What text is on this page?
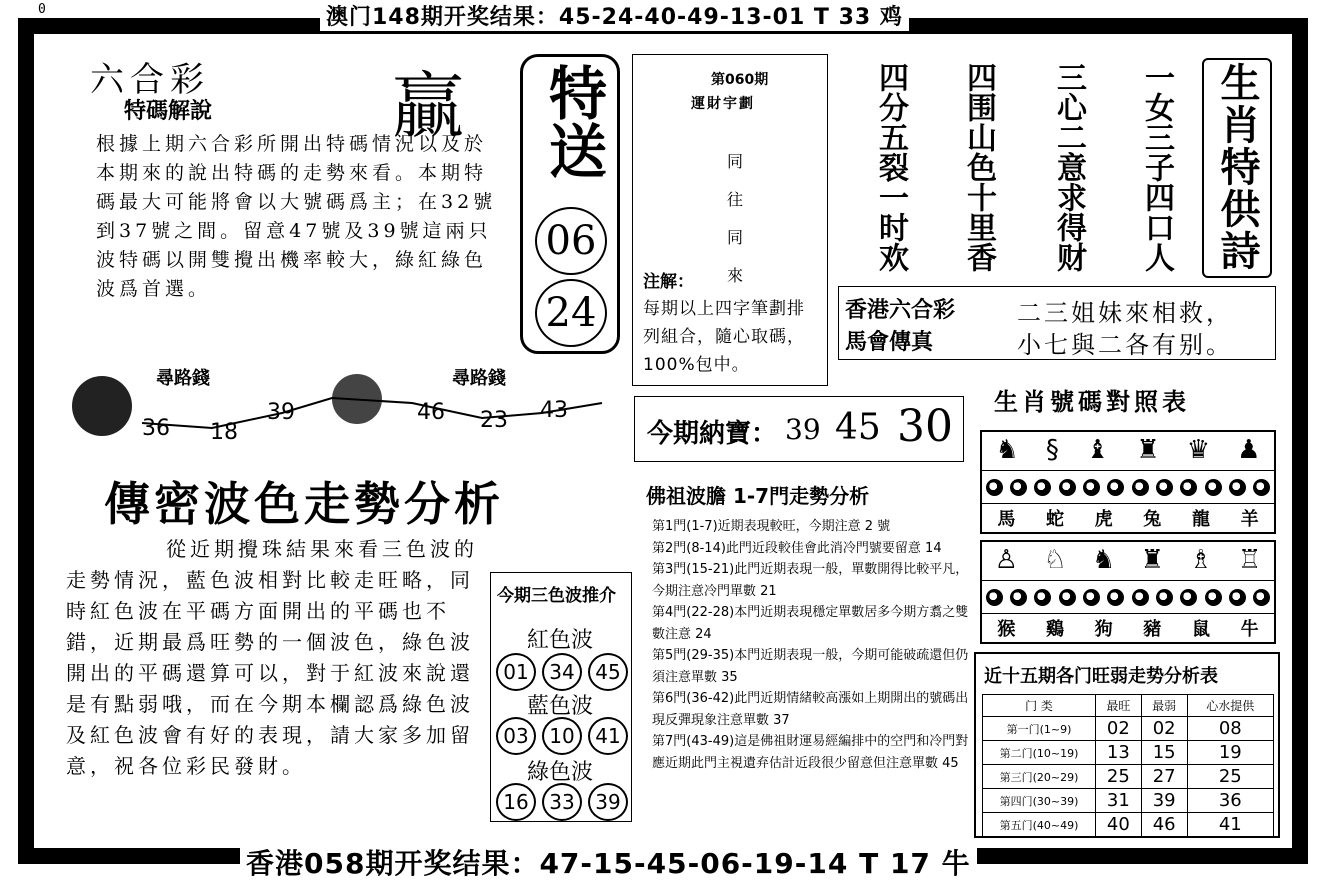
0	澳门148期开奖结果：45-24-40-49-13-01 T 33 鸡
六合彩	贏
特碼解說
根據上期六合彩所開出特碼情況以及於本期來的說出特碼的走勢來看。本期特碼最大可能將會以大號碼爲主；在32號到37號之間。留意47號及39號這兩只波特碼以開雙攪出機率較大，綠紅綠色波爲首選。
尋路錢	尋路錢
36 18
39	46 23 43
特送
06
24
第060期
運財宇劃
同
往
同
來
注解：
每期以上四字筆劃排列組合，隨心取碼，100%包中。
生肖特供詩
一女三子四口人
三心二意求得财
四围山色十里香
四分五裂一时欢
香港六合彩
馬會傳真
二三姐妹來相救，
小七與二各有别。
今期納寶： 39 45 30
傳密波色走勢分析
從近期攪珠結果來看三色波的走勢情況，藍色波相對比較走旺略，同時紅色波在平碼方面開出的平碼也不錯，近期最爲旺勢的一個波色，綠色波開出的平碼還算可以，對于紅波來說還是有點弱哦，而在今期本欄認爲綠色波及紅色波會有好的表現，請大家多加留意，祝各位彩民發財。
今期三色波推介
紅色波
01	34	45
藍色波
03	10	41
綠色波
16	33	39
佛祖波膽 1-7門走勢分析
第1門(1-7)近期表現較旺，今期注意 2 號
第2門(8-14)此門近段較佳會此消冷門號要留意 14
第3門(15-21)此門近期表現一般，單數開得比較平凡，今期注意冷門單數 21
第4門(22-28)本門近期表現穩定單數居多今期方翥之雙數注意 24
第5門(29-35)本門近期表現一般，今期可能破疏還但仍須注意單數 35
第6門(36-42)此門近期情緒較高漲如上期開出的號碼出現反彈現象注意單數 37
第7門(43-49)這是佛祖財運易經編排中的空門和冷門對應近期此門主視遺弃估計近段很少留意但注意單數 45
生肖號碼對照表
♞ § ♝ ♜ ♛ ♟
馬 蛇 虎 兔 龍 羊
♙ ♘ ♞ ♜ ♗ ♖
猴 鷄 狗 豬 鼠 牛
近十五期各门旺弱走势分析表
门 类	最旺	最弱	心水提供
第一门(1~9)	02	02	08
第二门(10~19)	13	15	19
第三门(20~29)	25	27	25
第四门(30~39)	31	39	36
第五门(40~49)	40	46	41
香港058期开奖结果：47-15-45-06-19-14 T 17 牛
